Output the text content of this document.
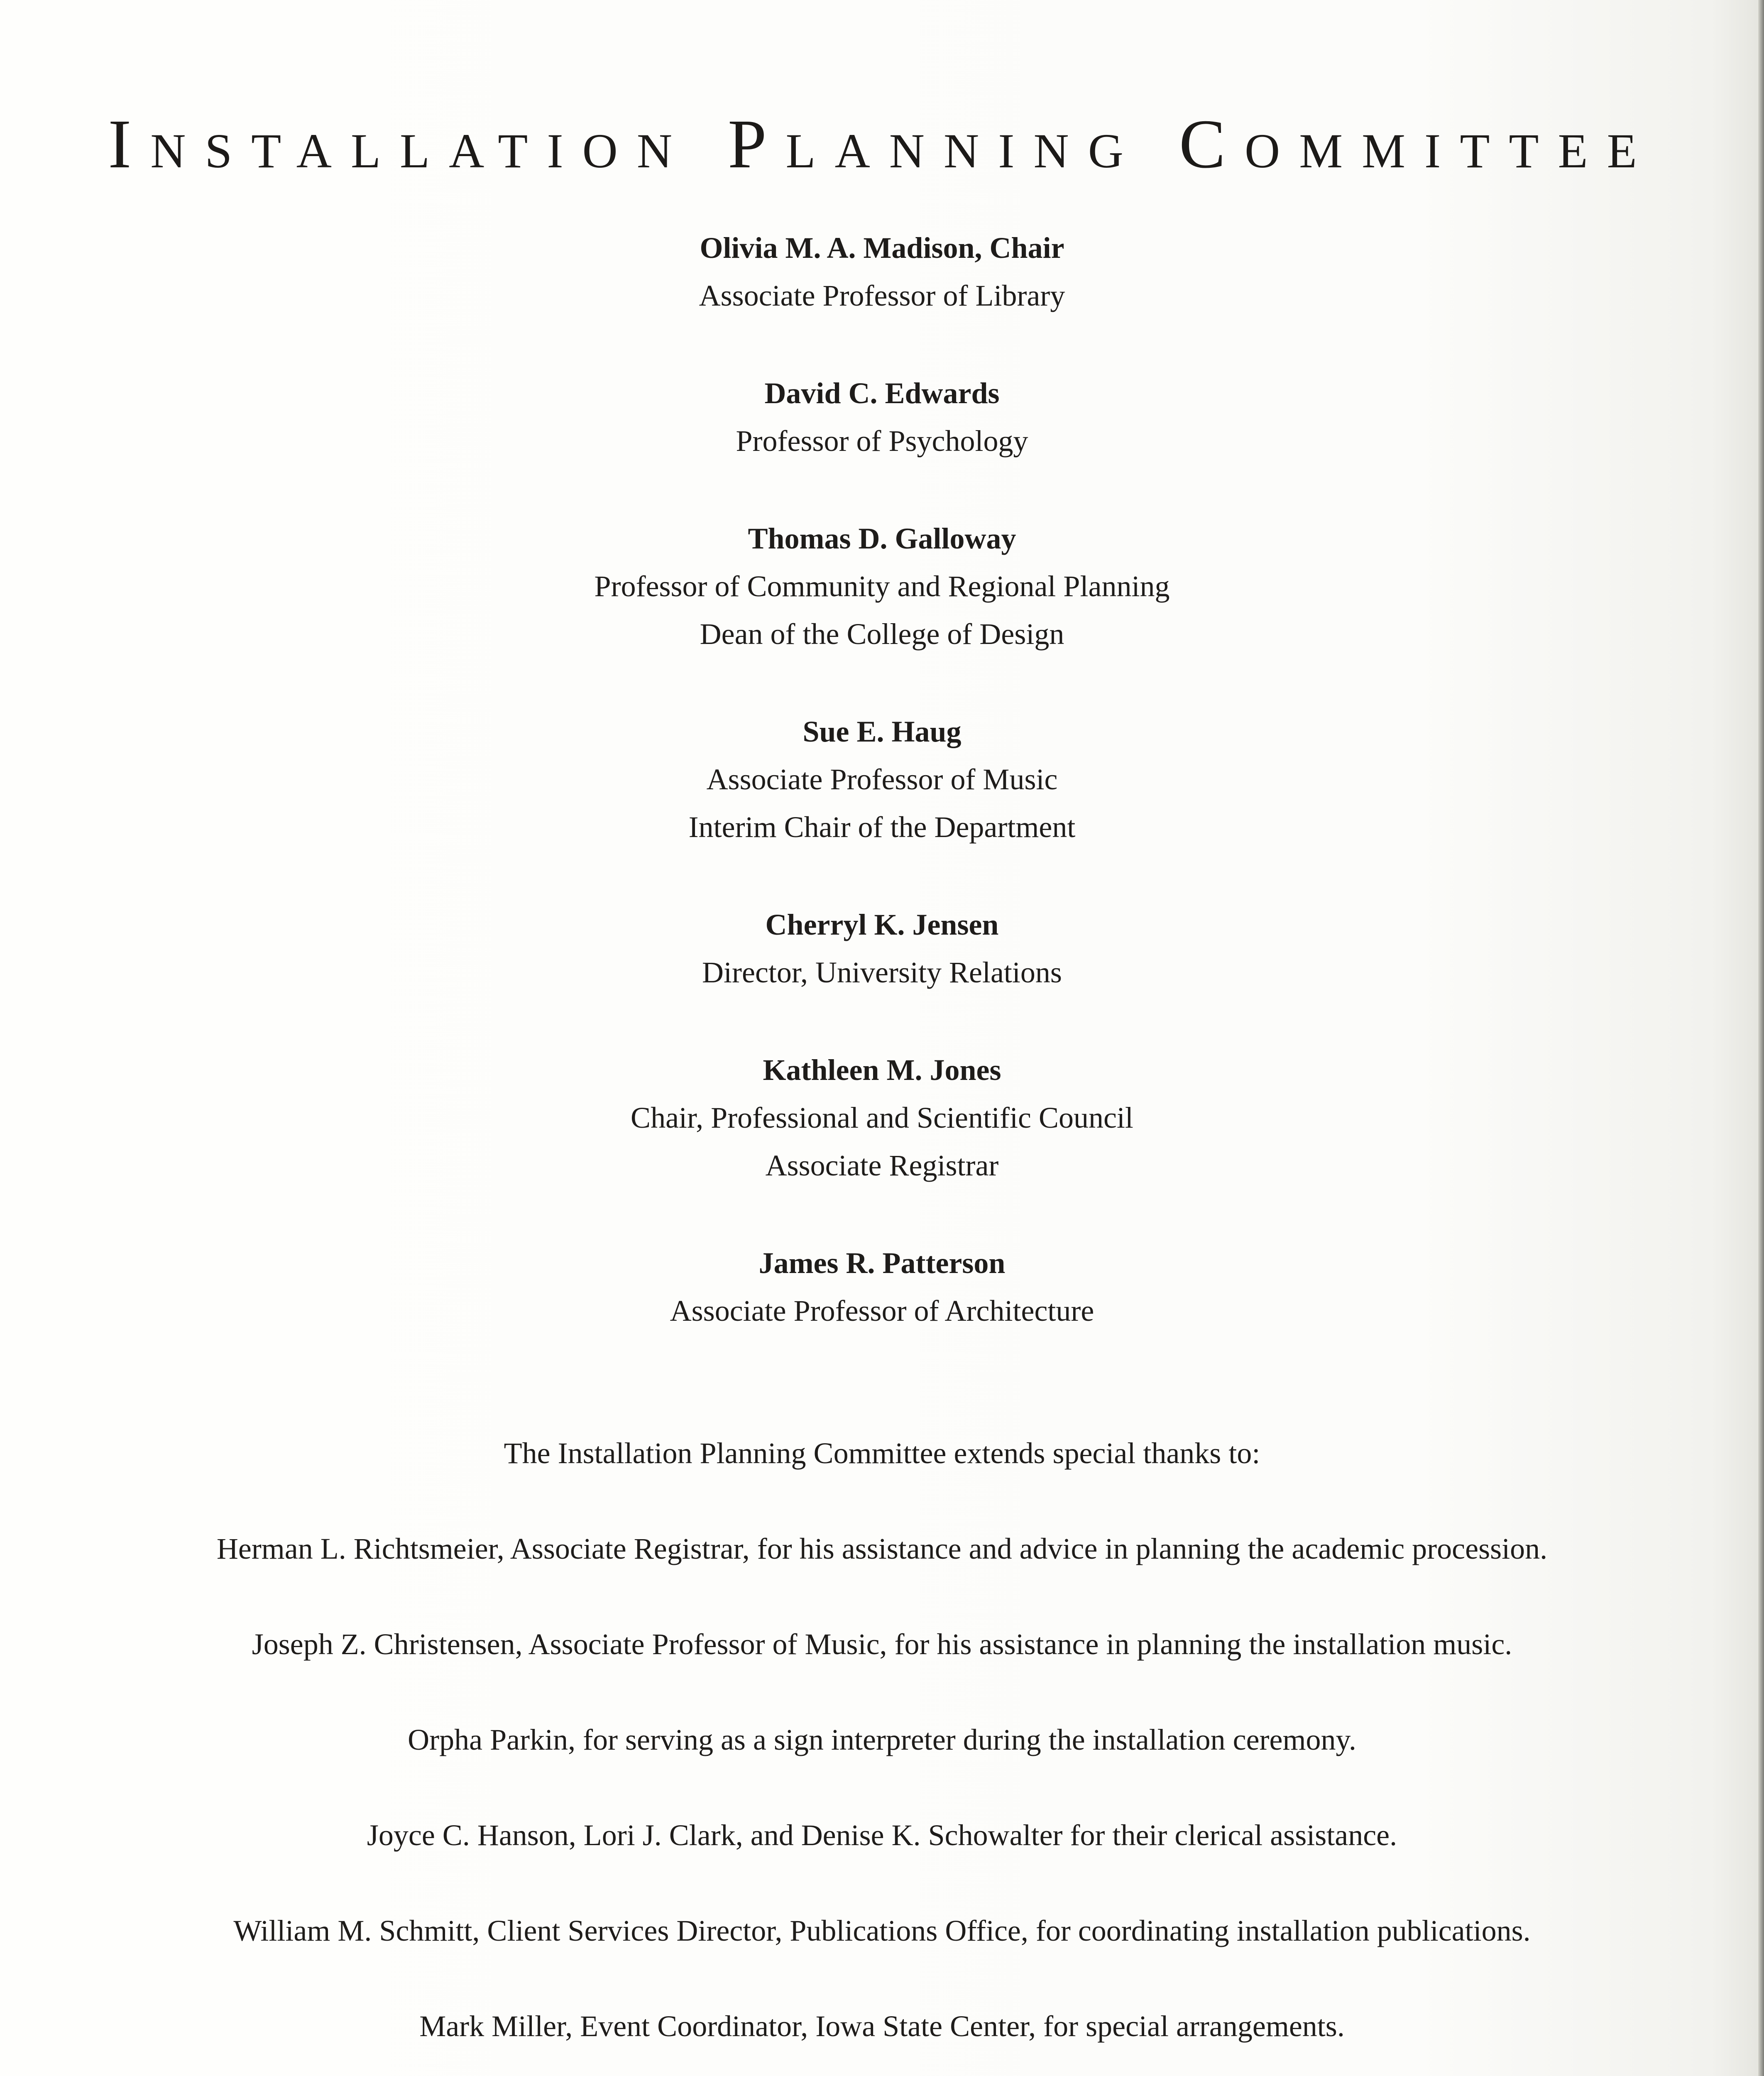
Installation Planning Committee
Olivia M. A. Madison, Chair
Associate Professor of Library
David C. Edwards
Professor of Psychology
Thomas D. Galloway
Professor of Community and Regional Planning
Dean of the College of Design
Sue E. Haug
Associate Professor of Music
Interim Chair of the Department
Cherryl K. Jensen
Director, University Relations
Kathleen M. Jones
Chair, Professional and Scientific Council
Associate Registrar
James R. Patterson
Associate Professor of Architecture
The Installation Planning Committee extends special thanks to:
Herman L. Richtsmeier, Associate Registrar, for his assistance and advice in planning the academic procession.
Joseph Z. Christensen, Associate Professor of Music, for his assistance in planning the installation music.
Orpha Parkin, for serving as a sign interpreter during the installation ceremony.
Joyce C. Hanson, Lori J. Clark, and Denise K. Schowalter for their clerical assistance.
William M. Schmitt, Client Services Director, Publications Office, for coordinating installation publications.
Mark Miller, Event Coordinator, Iowa State Center, for special arrangements.
